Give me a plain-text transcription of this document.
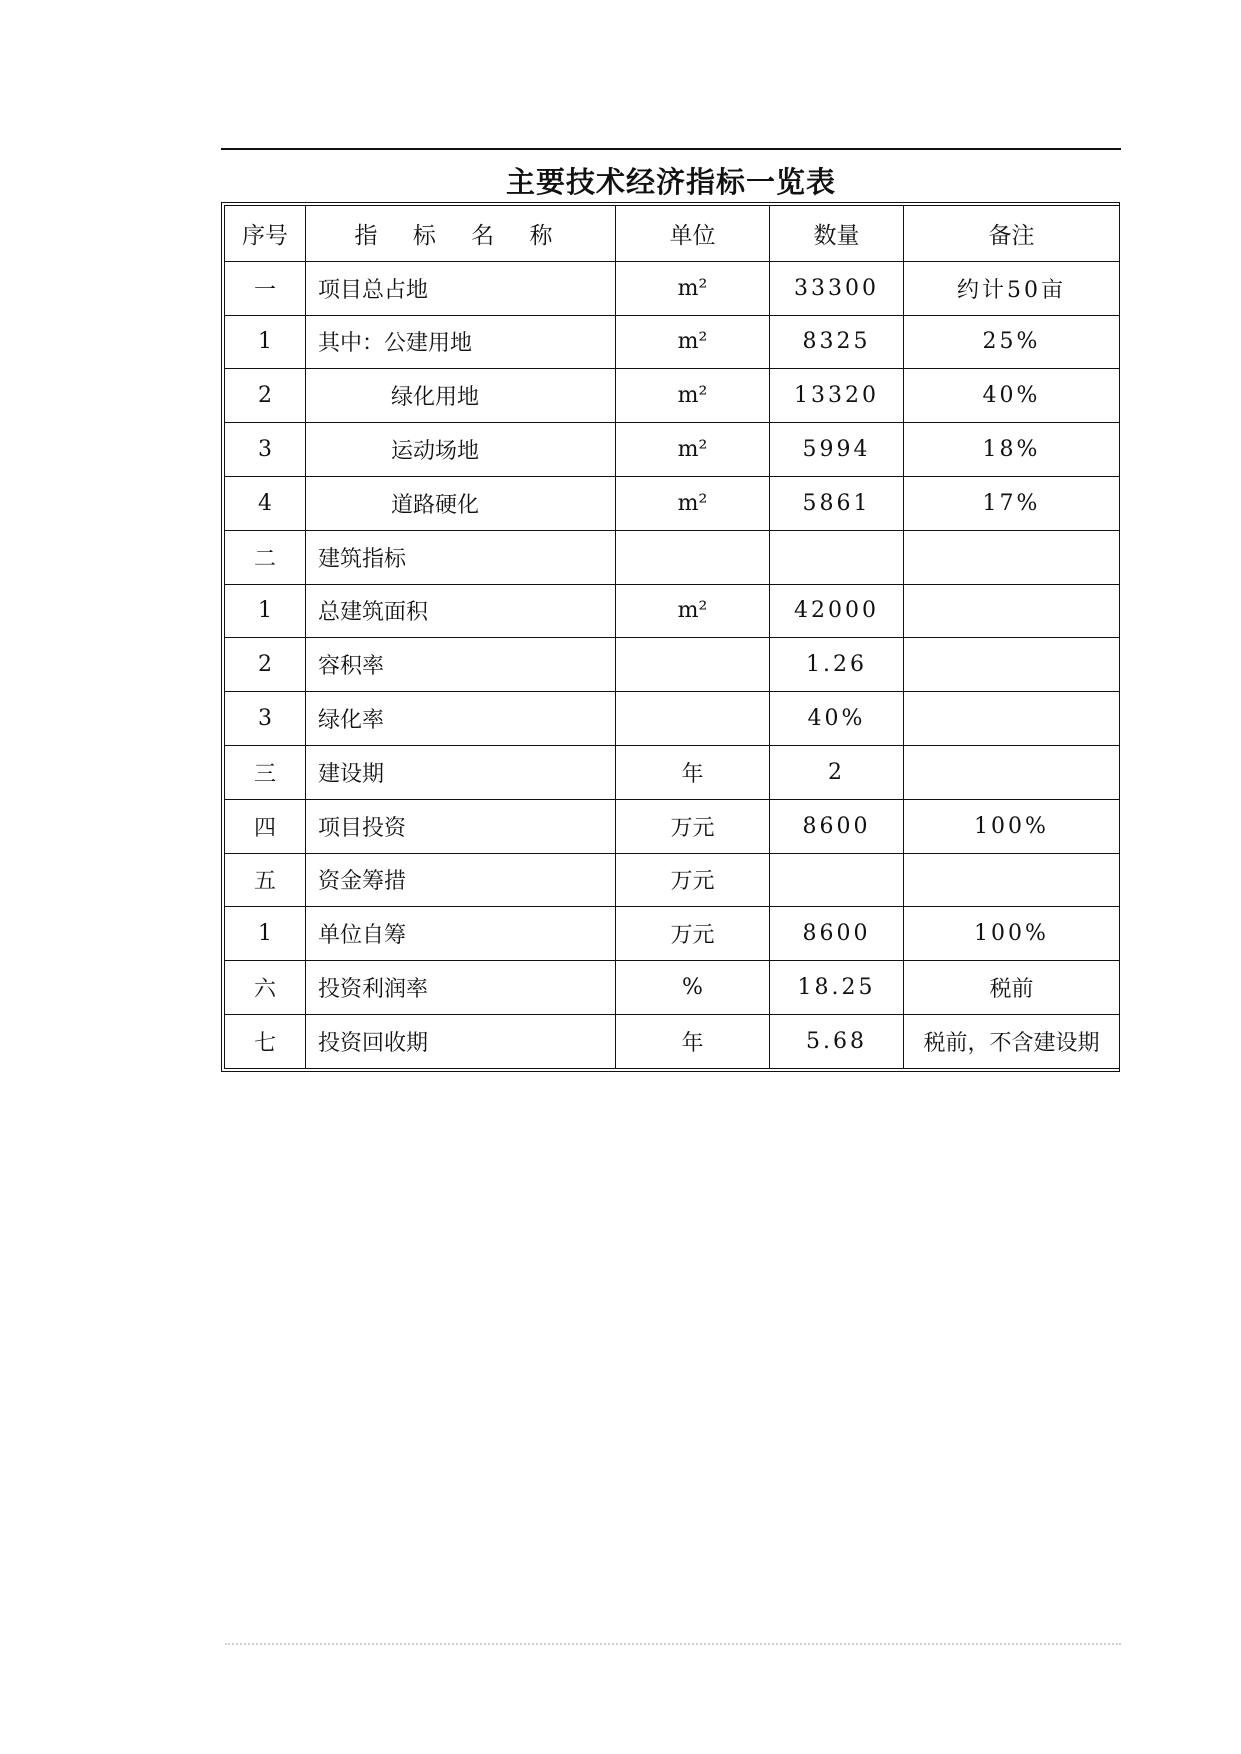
主要技术经济指标一览表
序号	指 标 名 称	单位	数量	备注
一	项目总占地	m²	33300	约计50亩
1	其中：公建用地	m²	8325	25%
2	绿化用地	m²	13320	40%
3	运动场地	m²	5994	18%
4	道路硬化	m²	5861	17%
二	建筑指标			
1	总建筑面积	m²	42000	
2	容积率		1.26	
3	绿化率		40%	
三	建设期	年	2	
四	项目投资	万元	8600	100%
五	资金筹措	万元		
1	单位自筹	万元	8600	100%
六	投资利润率	%	18.25	税前
七	投资回收期	年	5.68	税前，不含建设期
